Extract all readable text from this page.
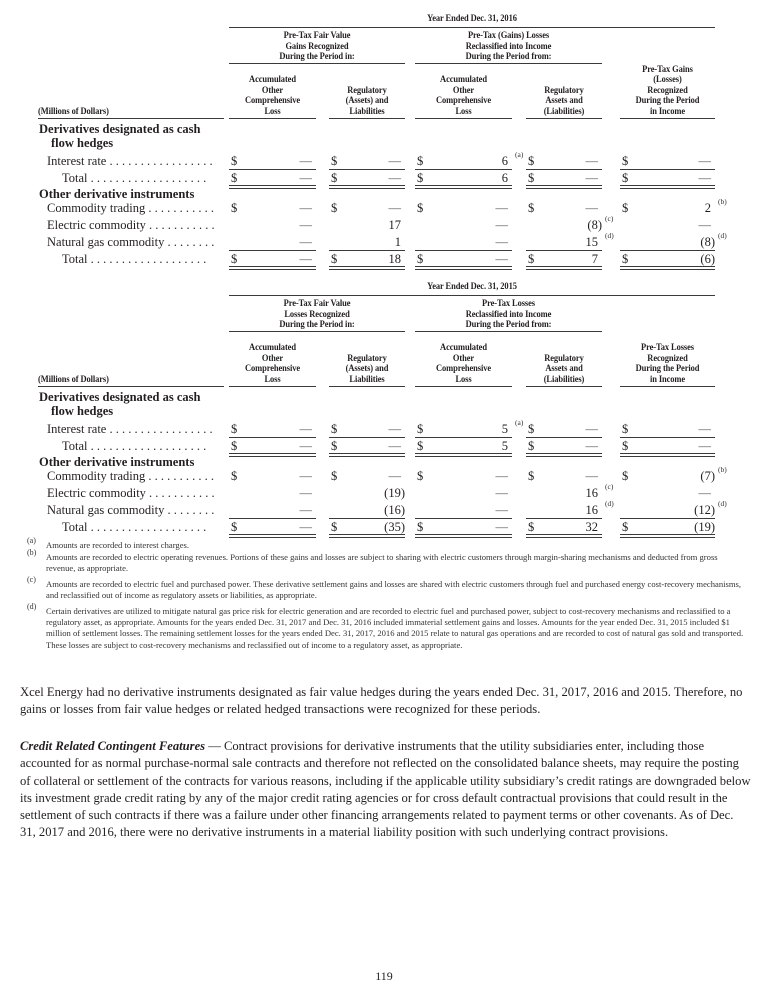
Year Ended Dec. 31, 2016
Pre-Tax Fair Value
Gains Recognized
During the Period in:
Pre-Tax (Gains) Losses
Reclassified into Income
During the Period from:
Accumulated
Other
Comprehensive
Loss
Regulatory
(Assets) and
Liabilities
Accumulated
Other
Comprehensive
Loss
Regulatory
Assets and
(Liabilities)
Pre-Tax Gains
(Losses)
Recognized
During the Period
in Income
(Millions of Dollars)
Derivatives designated as cash
flow hedges
Interest rate . . . . . . . . . . . . . . . . . $	— $	— $	6 (a) $	— $	—
Total . . . . . . . . . . . . . . . . . . . $	— $	— $	6 $	— $	—
Other derivative instruments
Commodity trading . . . . . . . . . . . $	— $	— $	— $	— $	2 (b)
Electric commodity . . . . . . . . . . .	—	17	—	(8) (c)	—
Natural gas commodity . . . . . . . .	—	1	—	15 (d)	(8) (d)
Total . . . . . . . . . . . . . . . . . . . $	— $	18 $	— $	7 $	(6)
Year Ended Dec. 31, 2015
Pre-Tax Fair Value
Losses Recognized
During the Period in:
Pre-Tax Losses
Reclassified into Income
During the Period from:
Accumulated
Other
Comprehensive
Loss
Regulatory
(Assets) and
Liabilities
Accumulated
Other
Comprehensive
Loss
Regulatory
Assets and
(Liabilities)
Pre-Tax Losses
Recognized
During the Period
in Income
(Millions of Dollars)
Derivatives designated as cash
flow hedges
Interest rate . . . . . . . . . . . . . . . . . $	— $	— $	5 (a) $	— $	—
Total . . . . . . . . . . . . . . . . . . . $	— $	— $	5 $	— $	—
Other derivative instruments
Commodity trading . . . . . . . . . . . $	— $	— $	— $	— $	(7) (b)
Electric commodity . . . . . . . . . . .	—	(19)	—	16 (c)	—
Natural gas commodity . . . . . . . .	—	(16)	—	16 (d)	(12) (d)
Total . . . . . . . . . . . . . . . . . . . $	— $	(35) $	— $	32 $	(19)
(a) Amounts are recorded to interest charges.
(b) Amounts are recorded to electric operating revenues. Portions of these gains and losses are subject to sharing with electric customers through margin-sharing mechanisms and deducted from gross revenue, as appropriate.
(c) Amounts are recorded to electric fuel and purchased power. These derivative settlement gains and losses are shared with electric customers through fuel and purchased energy cost-recovery mechanisms, and reclassified out of income as regulatory assets or liabilities, as appropriate.
(d) Certain derivatives are utilized to mitigate natural gas price risk for electric generation and are recorded to electric fuel and purchased power, subject to cost-recovery mechanisms and reclassified to a regulatory asset, as appropriate. Amounts for the years ended Dec. 31, 2017 and Dec. 31, 2016 included immaterial settlement gains and losses. Amounts for the year ended Dec. 31, 2015 included $1 million of settlement losses. The remaining settlement losses for the years ended Dec. 31, 2017, 2016 and 2015 relate to natural gas operations and are recorded to cost of natural gas sold and transported. These losses are subject to cost-recovery mechanisms and reclassified out of income to a regulatory asset, as appropriate.
Xcel Energy had no derivative instruments designated as fair value hedges during the years ended Dec. 31, 2017, 2016 and 2015. Therefore, no gains or losses from fair value hedges or related hedged transactions were recognized for these periods.
Credit Related Contingent Features — Contract provisions for derivative instruments that the utility subsidiaries enter, including those accounted for as normal purchase-normal sale contracts and therefore not reflected on the consolidated balance sheets, may require the posting of collateral or settlement of the contracts for various reasons, including if the applicable utility subsidiary’s credit ratings are downgraded below its investment grade credit rating by any of the major credit rating agencies or for cross default contractual provisions that could result in the settlement of such contracts if there was a failure under other financing arrangements related to payment terms or other covenants. As of Dec. 31, 2017 and 2016, there were no derivative instruments in a material liability position with such underlying contract provisions.
119
